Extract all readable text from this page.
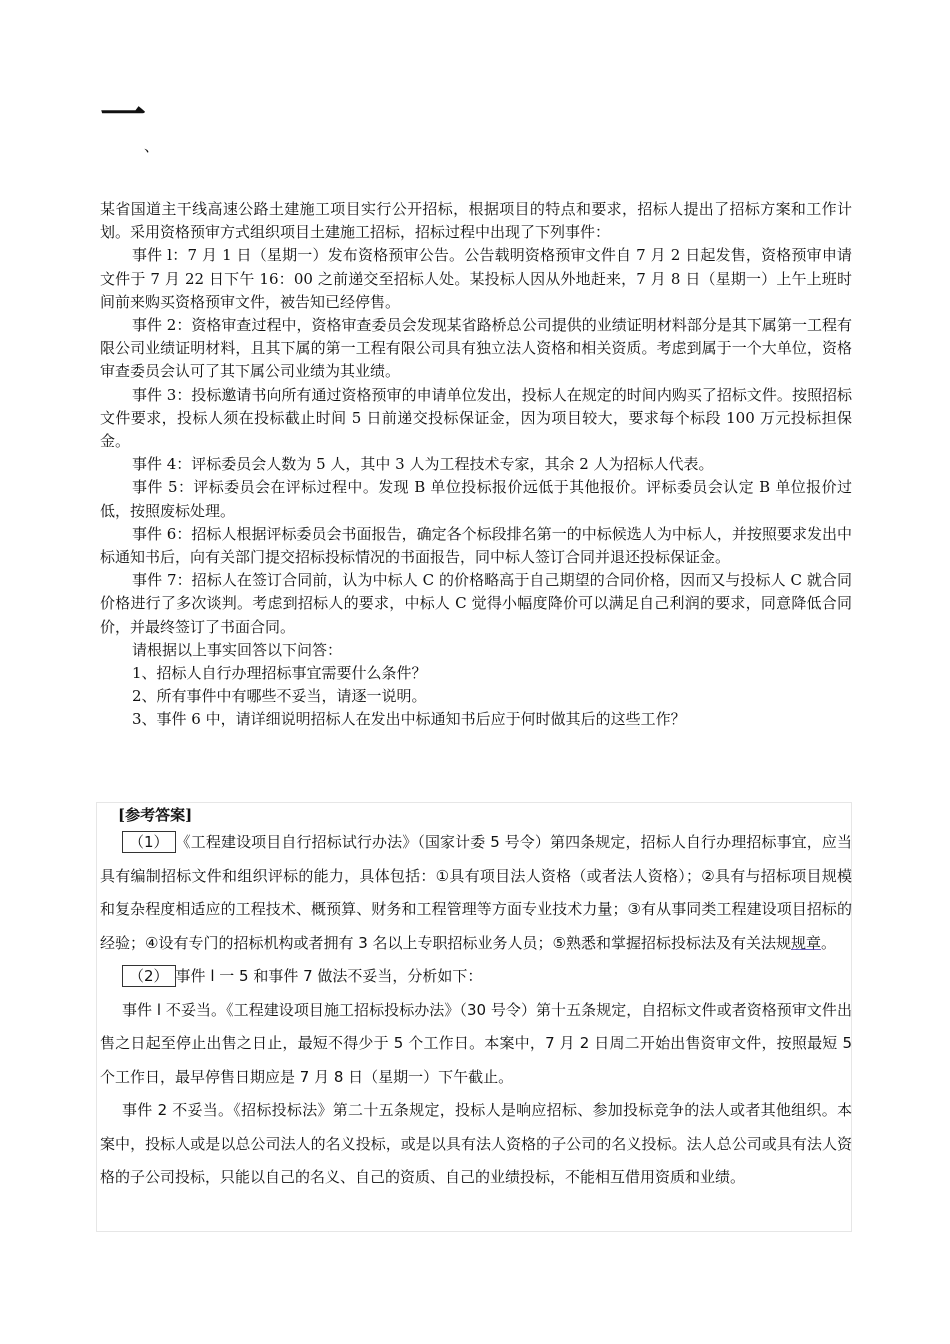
一
、

某省国道主干线高速公路土建施工项目实行公开招标，根据项目的特点和要求，招标人提出了招标方案和工作计划。采用资格预审方式组织项目土建施工招标，招标过程中出现了下列事件：

事件 l：7 月 1 日（星期一）发布资格预审公告。公告载明资格预审文件自 7 月 2 日起发售，资格预审申请文件于 7 月 22 日下午 16：00 之前递交至招标人处。某投标人因从外地赶来，7 月 8 日（星期一）上午上班时间前来购买资格预审文件，被告知已经停售。

事件 2：资格审查过程中，资格审查委员会发现某省路桥总公司提供的业绩证明材料部分是其下属第一工程有限公司业绩证明材料，且其下属的第一工程有限公司具有独立法人资格和相关资质。考虑到属于一个大单位，资格审查委员会认可了其下属公司业绩为其业绩。

事件 3：投标邀请书向所有通过资格预审的申请单位发出，投标人在规定的时间内购买了招标文件。按照招标文件要求，投标人须在投标截止时间 5 日前递交投标保证金，因为项目较大，要求每个标段 100 万元投标担保金。

事件 4：评标委员会人数为 5 人，其中 3 人为工程技术专家，其余 2 人为招标人代表。

事件 5：评标委员会在评标过程中。发现 B 单位投标报价远低于其他报价。评标委员会认定 B 单位报价过低，按照废标处理。

事件 6：招标人根据评标委员会书面报告，确定各个标段排名第一的中标候选人为中标人，并按照要求发出中标通知书后，向有关部门提交招标投标情况的书面报告，同中标人签订合同并退还投标保证金。

事件 7：招标人在签订合同前，认为中标人 C 的价格略高于自己期望的合同价格，因而又与投标人 C 就合同价格进行了多次谈判。考虑到招标人的要求，中标人 C 觉得小幅度降价可以满足自己利润的要求，同意降低合同价，并最终签订了书面合同。

请根据以上事实回答以下问答：

1、招标人自行办理招标事宜需要什么条件？

2、所有事件中有哪些不妥当，请逐一说明。

3、事件 6 中，请详细说明招标人在发出中标通知书后应于何时做其后的这些工作？

[参考答案]

（1） 《工程建设项目自行招标试行办法》（国家计委 5 号令）第四条规定，招标人自行办理招标事宜，应当具有编制招标文件和组织评标的能力，具体包括：①具有项目法人资格（或者法人资格）；②具有与招标项目规模和复杂程度相适应的工程技术、概预算、财务和工程管理等方面专业技术力量；③有从事同类工程建设项目招标的经验；④设有专门的招标机构或者拥有 3 名以上专职招标业务人员；⑤熟悉和掌握招标投标法及有关法规规章。

（2） 事件 l 一 5 和事件 7 做法不妥当，分析如下：

事件 l 不妥当。《工程建设项目施工招标投标办法》（30 号令）第十五条规定，自招标文件或者资格预审文件出售之日起至停止出售之日止，最短不得少于 5 个工作日。本案中，7 月 2 日周二开始出售资审文件，按照最短 5 个工作日，最早停售日期应是 7 月 8 日（星期一）下午截止。

事件 2 不妥当。《招标投标法》第二十五条规定，投标人是响应招标、参加投标竞争的法人或者其他组织。本案中，投标人或是以总公司法人的名义投标，或是以具有法人资格的子公司的名义投标。法人总公司或具有法人资格的子公司投标，只能以自己的名义、自己的资质、自己的业绩投标，不能相互借用资质和业绩。
